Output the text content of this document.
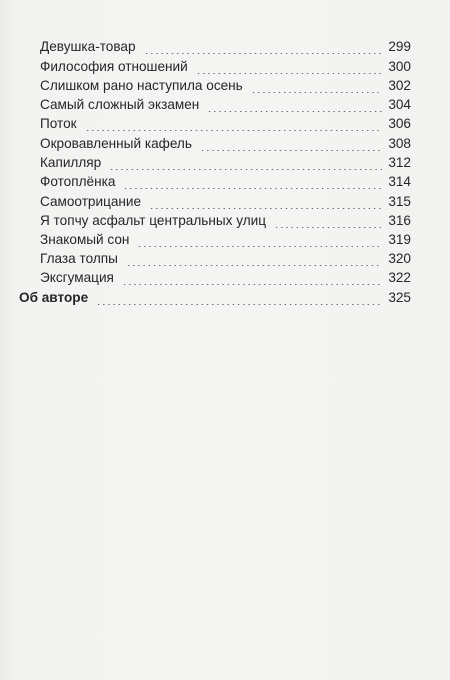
Девушка-товар	299
Философия отношений	300
Слишком рано наступила осень	302
Самый сложный экзамен	304
Поток	306
Окровавленный кафель	308
Капилляр	312
Фотоплёнка	314
Самоотрицание	315
Я топчу асфальт центральных улиц	316
Знакомый сон	319
Глаза толпы	320
Эксгумация	322
Об авторе	325
